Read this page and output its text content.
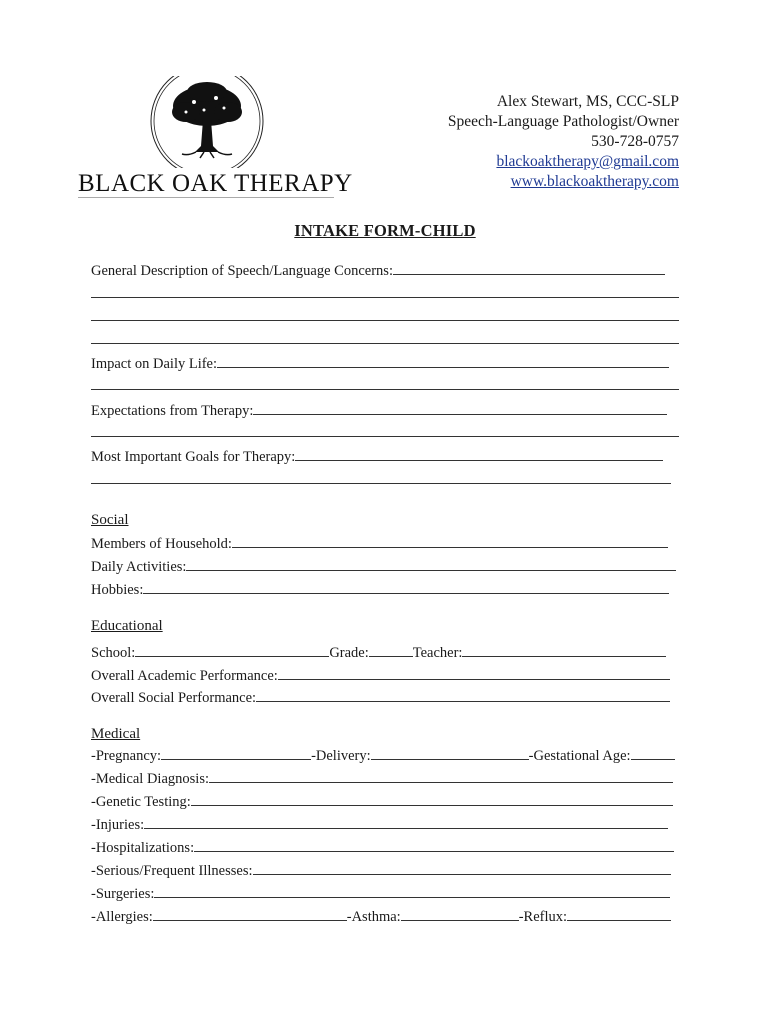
BLACK OAK THERAPY
Alex Stewart, MS, CCC-SLP
Speech-Language Pathologist/Owner
530-728-0757
blackoaktherapy@gmail.com
www.blackoaktherapy.com
INTAKE FORM-CHILD
General Description of Speech/Language Concerns:
Impact on Daily Life:
Expectations from Therapy:
Most Important Goals for Therapy:
Social
Members of Household:
Daily Activities:
Hobbies:
Educational
School:	Grade:	Teacher:
Overall Academic Performance:
Overall Social Performance:
Medical
-Pregnancy:	-Delivery:	-Gestational Age:
-Medical Diagnosis:
-Genetic Testing:
-Injuries:
-Hospitalizations:
-Serious/Frequent Illnesses:
-Surgeries:
-Allergies:	-Asthma:	-Reflux:
